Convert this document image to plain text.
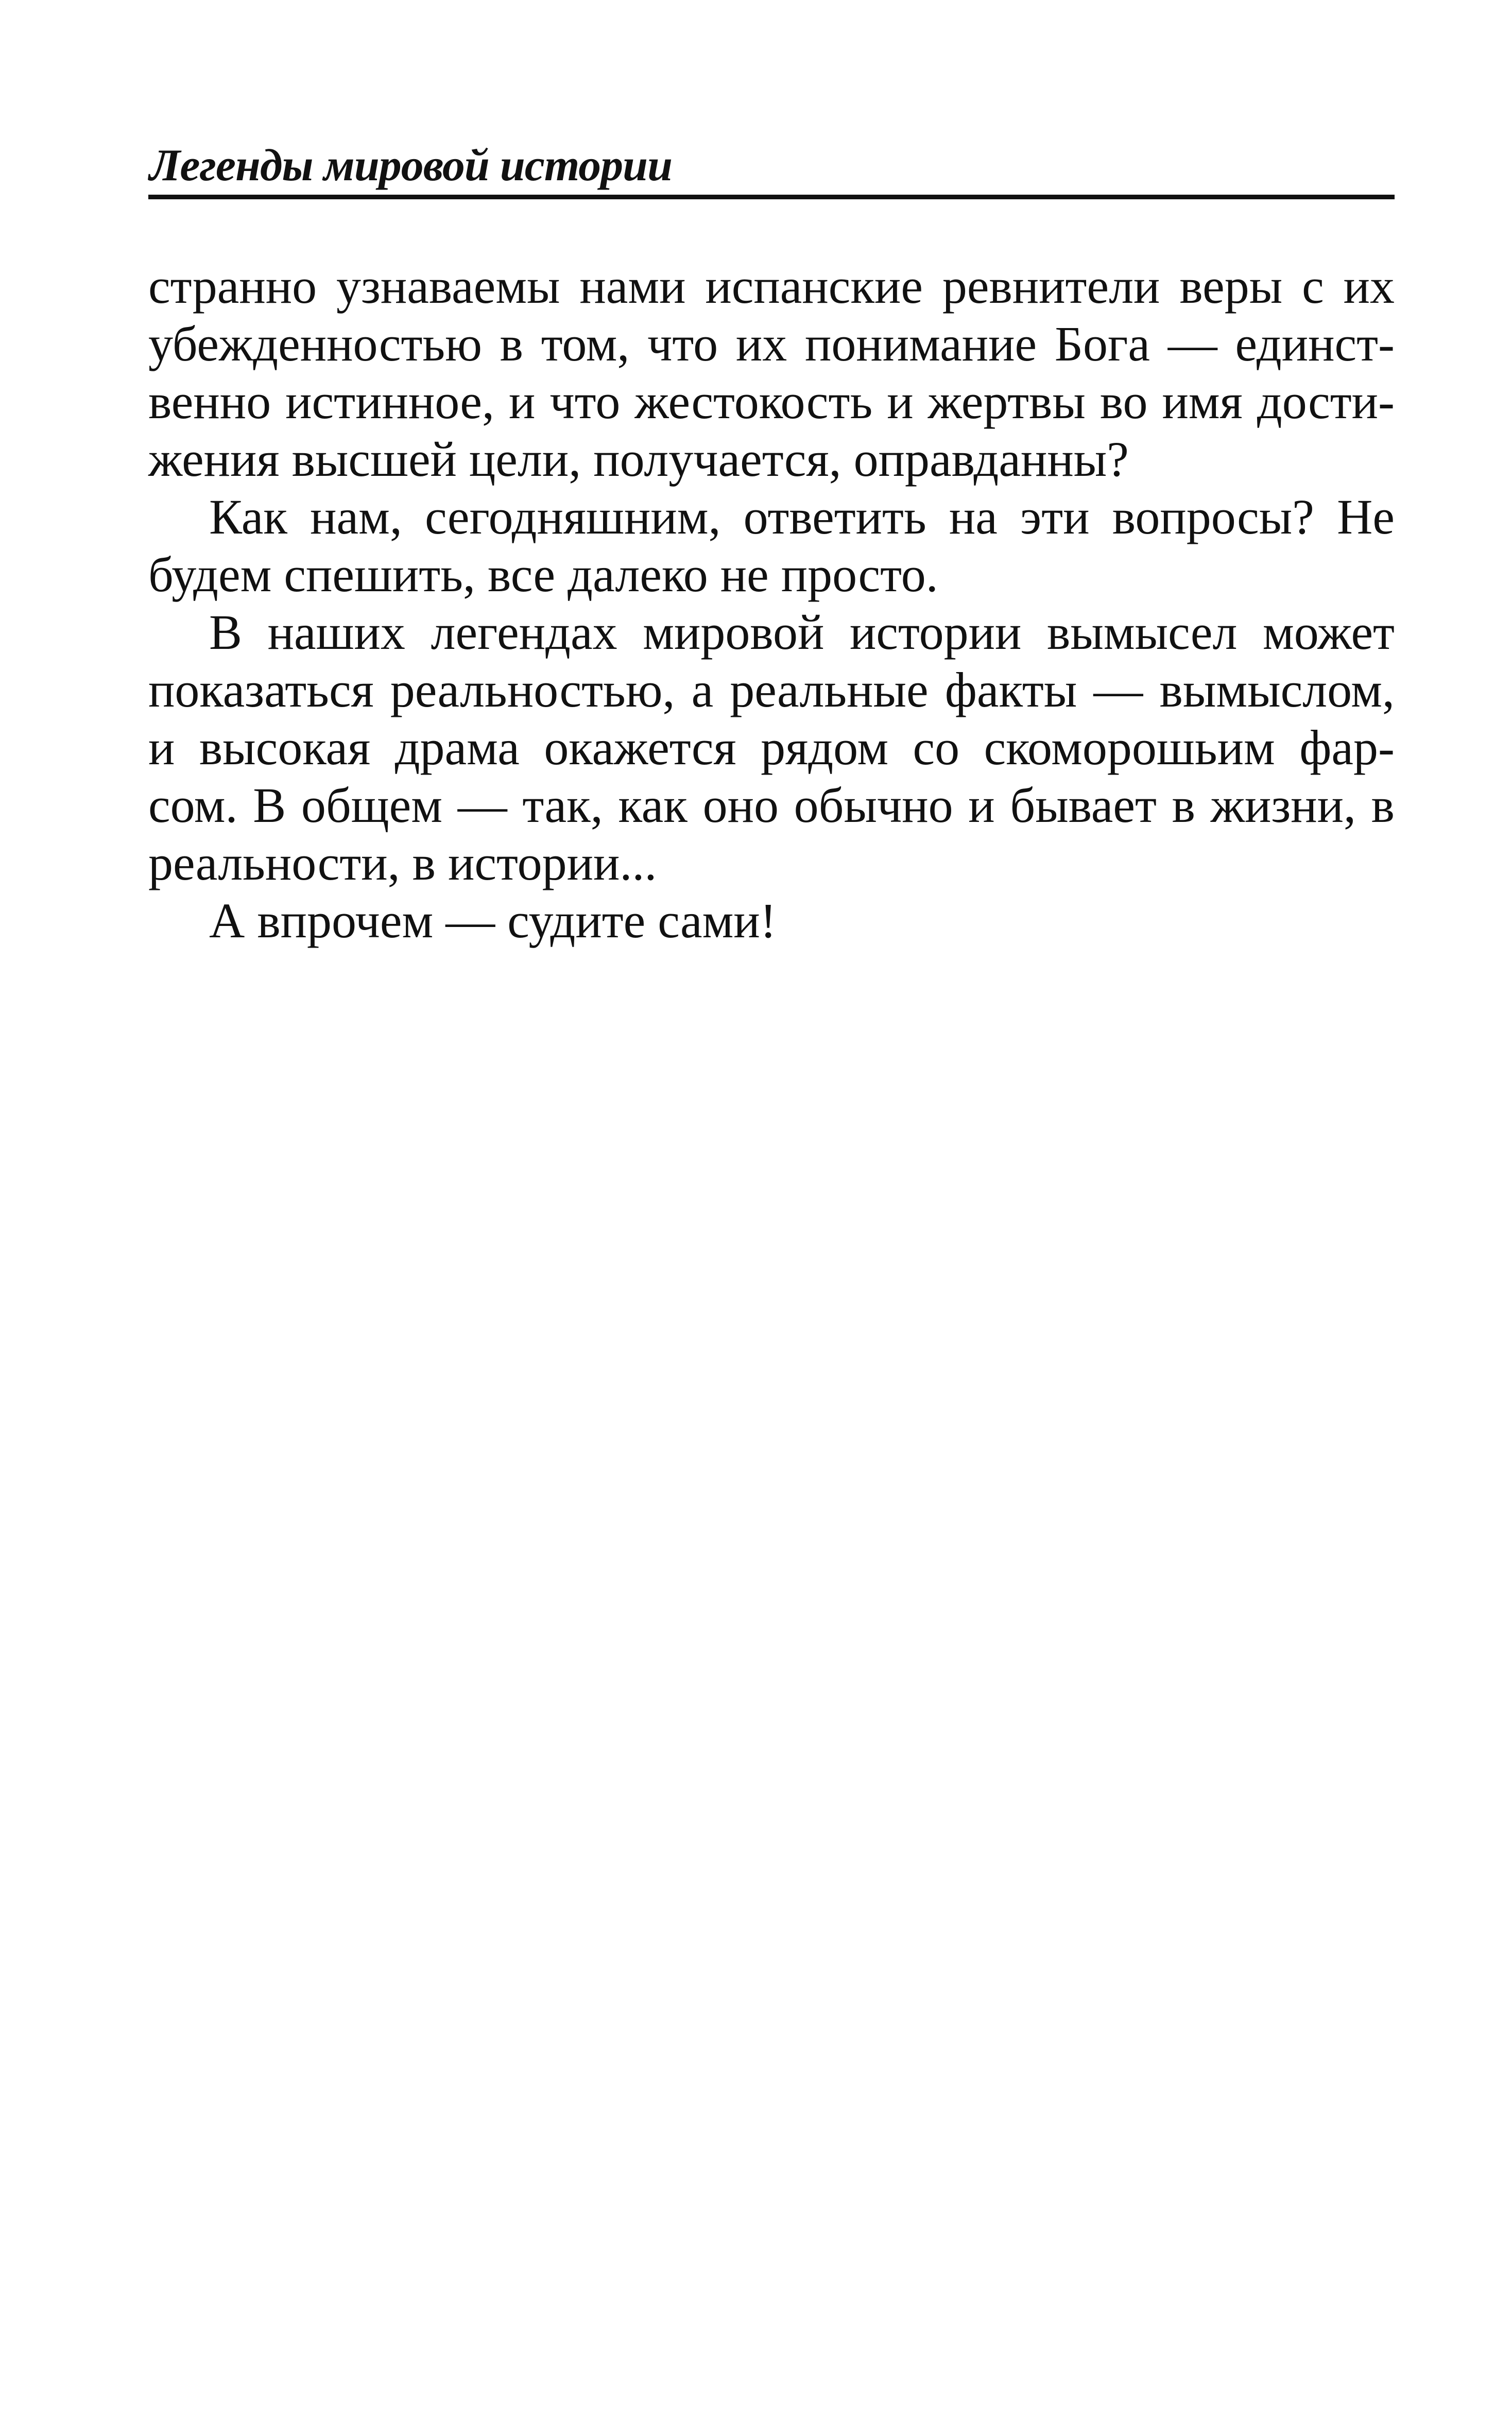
Легенды мировой истории
странно узнаваемы нами испанские ревнители веры с их
убежденностью в том, что их понимание Бога — единст-
венно истинное, и что жестокость и жертвы во имя дости-
жения высшей цели, получается, оправданны?
Как нам, сегодняшним, ответить на эти вопросы? Не
будем спешить, все далеко не просто.
В наших легендах мировой истории вымысел может
показаться реальностью, а реальные факты — вымыслом,
и высокая драма окажется рядом со скоморошьим фар-
сом. В общем — так, как оно обычно и бывает в жизни, в
реальности, в истории...
А впрочем — судите сами!
